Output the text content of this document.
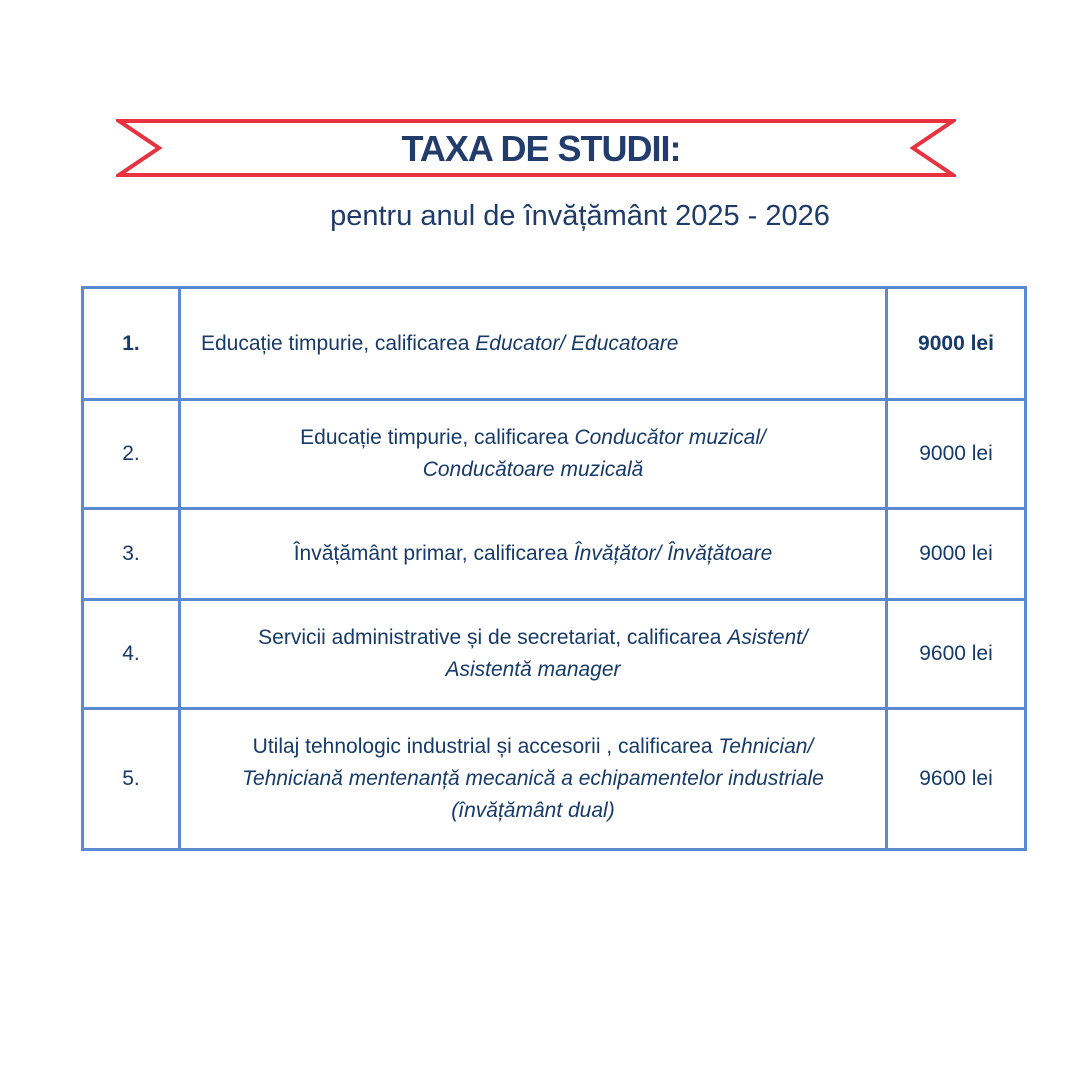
TAXA DE STUDII:
pentru anul de învățământ 2025 - 2026
1.	Educație timpurie, calificarea Educator/ Educatoare	9000 lei
2.	Educație timpurie, calificarea Conducător muzical/
Conducătoare muzicală	9000 lei
3.	Învățământ primar, calificarea Învățător/ Învățătoare	9000 lei
4.	Servicii administrative și de secretariat, calificarea Asistent/
Asistentă manager	9600 lei
5.	Utilaj tehnologic industrial și accesorii , calificarea Tehnician/
Tehniciană mentenanță mecanică a echipamentelor industriale
(învățământ dual)	9600 lei
